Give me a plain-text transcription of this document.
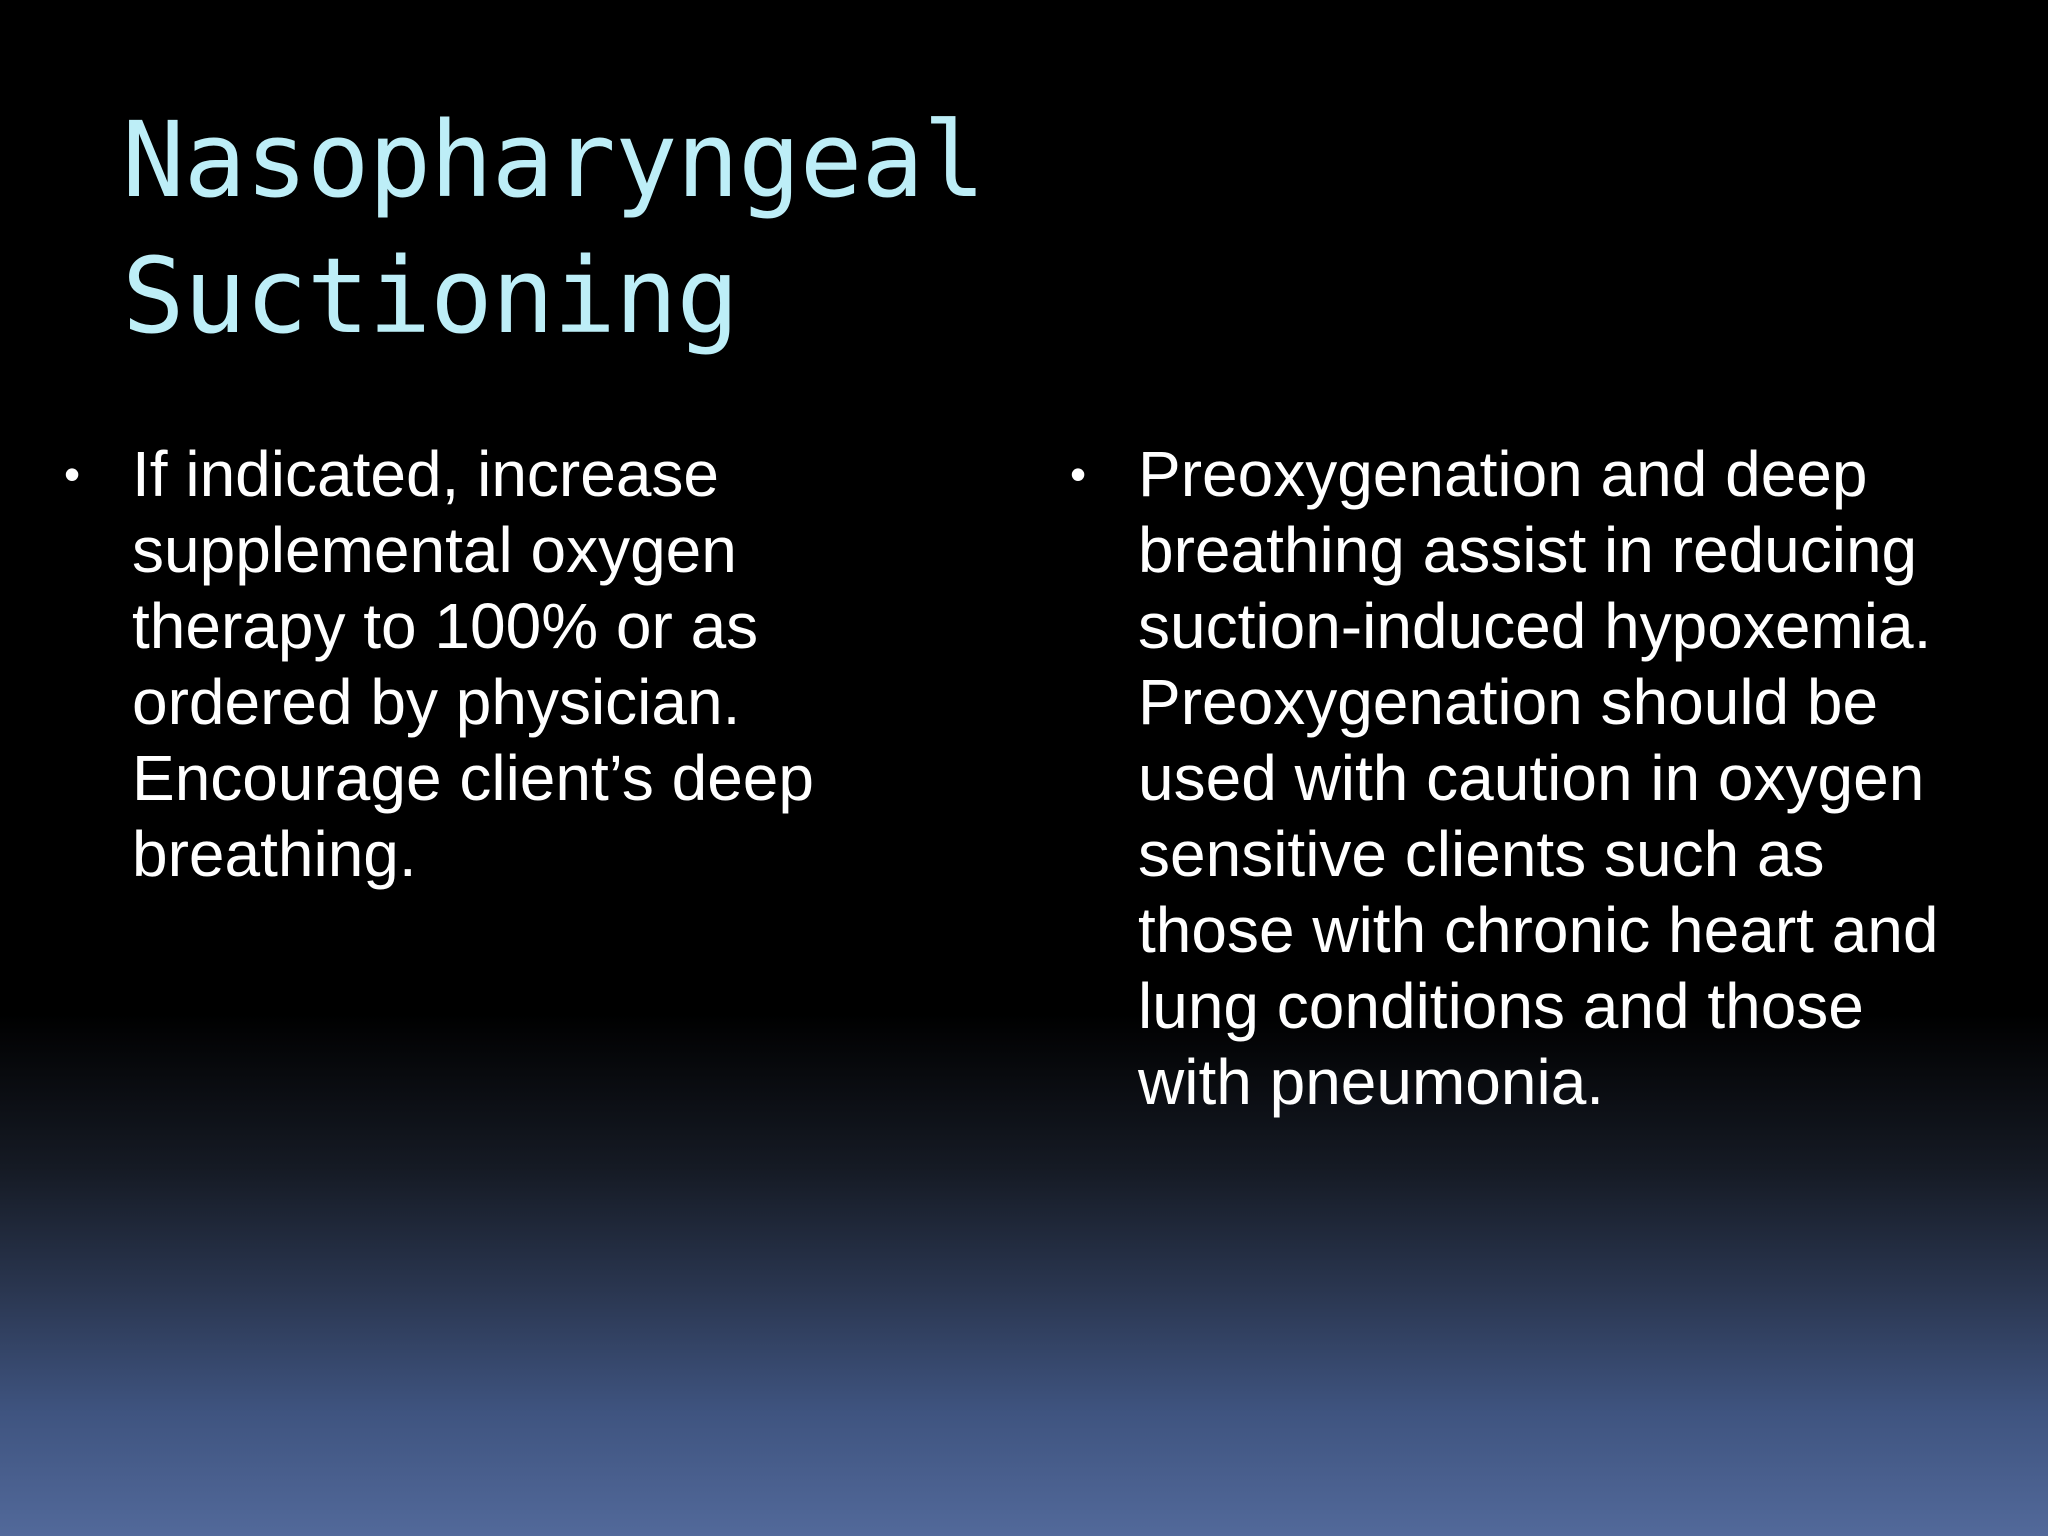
Nasopharyngeal
Suctioning
• If indicated, increase
supplemental oxygen
therapy to 100% or as
ordered by physician.
Encourage client’s deep
breathing.
• Preoxygenation and deep
breathing assist in reducing
suction-induced hypoxemia.
Preoxygenation should be
used with caution in oxygen
sensitive clients such as
those with chronic heart and
lung conditions and those
with pneumonia.
